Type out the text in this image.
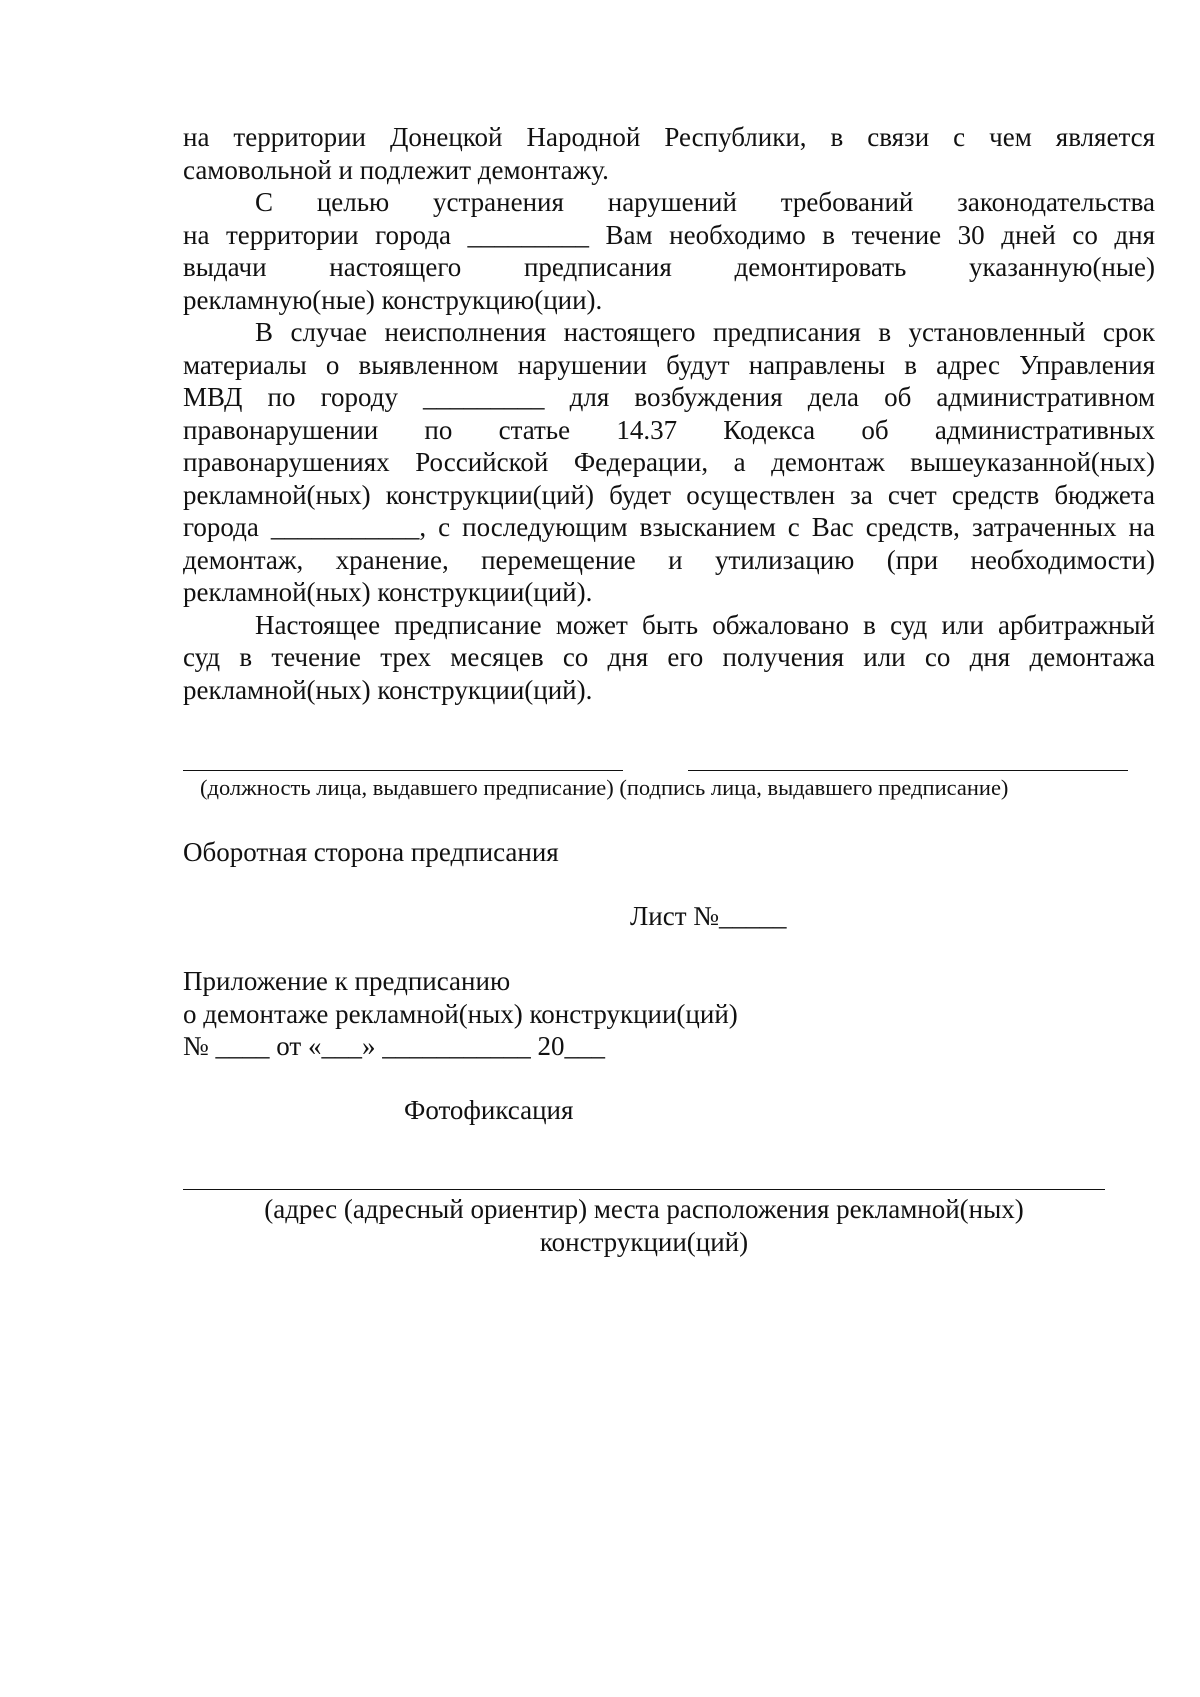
на территории Донецкой Народной Республики, в связи с чем является
самовольной и подлежит демонтажу.
С целью устранения нарушений требований законодательства
на территории города _________ Вам необходимо в течение 30 дней со дня
выдачи настоящего предписания демонтировать указанную(ные)
рекламную(ные) конструкцию(ции).
В случае неисполнения настоящего предписания в установленный срок
материалы о выявленном нарушении будут направлены в адрес Управления
МВД по городу _________ для возбуждения дела об административном
правонарушении по статье 14.37 Кодекса об административных
правонарушениях Российской Федерации, а демонтаж вышеуказанной(ных)
рекламной(ных) конструкции(ций) будет осуществлен за счет средств бюджета
города ___________, с последующим взысканием с Вас средств, затраченных на
демонтаж, хранение, перемещение и утилизацию (при необходимости)
рекламной(ных) конструкции(ций).
Настоящее предписание может быть обжаловано в суд или арбитражный
суд в течение трех месяцев со дня его получения или со дня демонтажа
рекламной(ных) конструкции(ций).
(должность лица, выдавшего предписание) (подпись лица, выдавшего предписание)
Оборотная сторона предписания
Лист №_____
Приложение к предписанию
о демонтаже рекламной(ных) конструкции(ций)
№ ____ от «___» ___________ 20___
Фотофиксация
(адрес (адресный ориентир) места расположения рекламной(ных)
конструкции(ций)
